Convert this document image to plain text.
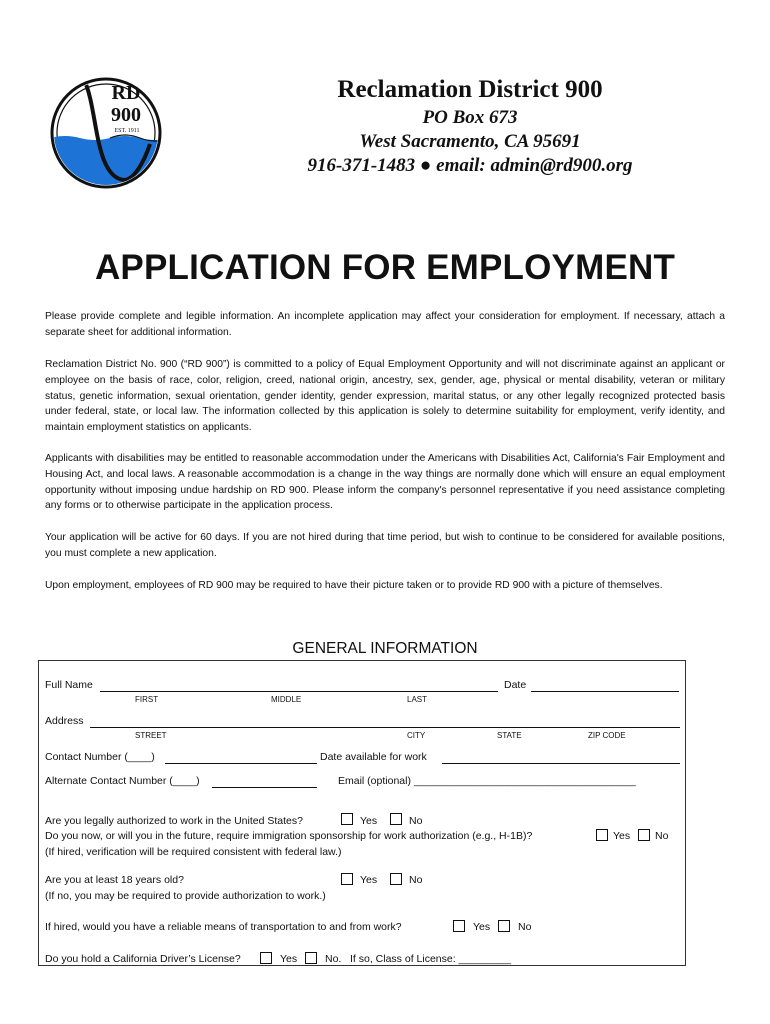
RD
900
EST. 1911
Reclamation District 900
PO Box 673
West Sacramento, CA 95691
916-371-1483 ● email: admin@rd900.org
APPLICATION FOR EMPLOYMENT
Please provide complete and legible information. An incomplete application may affect your consideration for employment. If necessary, attach a separate sheet for additional information.
Reclamation District No. 900 (“RD 900”) is committed to a policy of Equal Employment Opportunity and will not discriminate against an applicant or employee on the basis of race, color, religion, creed, national origin, ancestry, sex, gender, age, physical or mental disability, veteran or military status, genetic information, sexual orientation, gender identity, gender expression, marital status, or any other legally recognized protected basis under federal, state, or local law. The information collected by this application is solely to determine suitability for employment, verify identity, and maintain employment statistics on applicants.
Applicants with disabilities may be entitled to reasonable accommodation under the Americans with Disabilities Act, California's Fair Employment and Housing Act, and local laws. A reasonable accommodation is a change in the way things are normally done which will ensure an equal employment opportunity without imposing undue hardship on RD 900. Please inform the company's personnel representative if you need assistance completing any forms or to otherwise participate in the application process.
Your application will be active for 60 days. If you are not hired during that time period, but wish to continue to be considered for available positions, you must complete a new application.
Upon employment, employees of RD 900 may be required to have their picture taken or to provide RD 900 with a picture of themselves.
GENERAL INFORMATION
Full Name	Date
FIRST	MIDDLE	LAST
Address
STREET	CITY	STATE	ZIP CODE
Contact Number (____)	Date available for work
Alternate Contact Number (____)	Email (optional) ______________________________________
Are you legally authorized to work in the United States?	Yes	No
Do you now, or will you in the future, require immigration sponsorship for work authorization (e.g., H-1B)?	Yes No
(If hired, verification will be required consistent with federal law.)
Are you at least 18 years old?	Yes	No
(If no, you may be required to provide authorization to work.)
If hired, would you have a reliable means of transportation to and from work?	Yes	No
Do you hold a California Driver’s License?	Yes	No. If so, Class of License: _________
